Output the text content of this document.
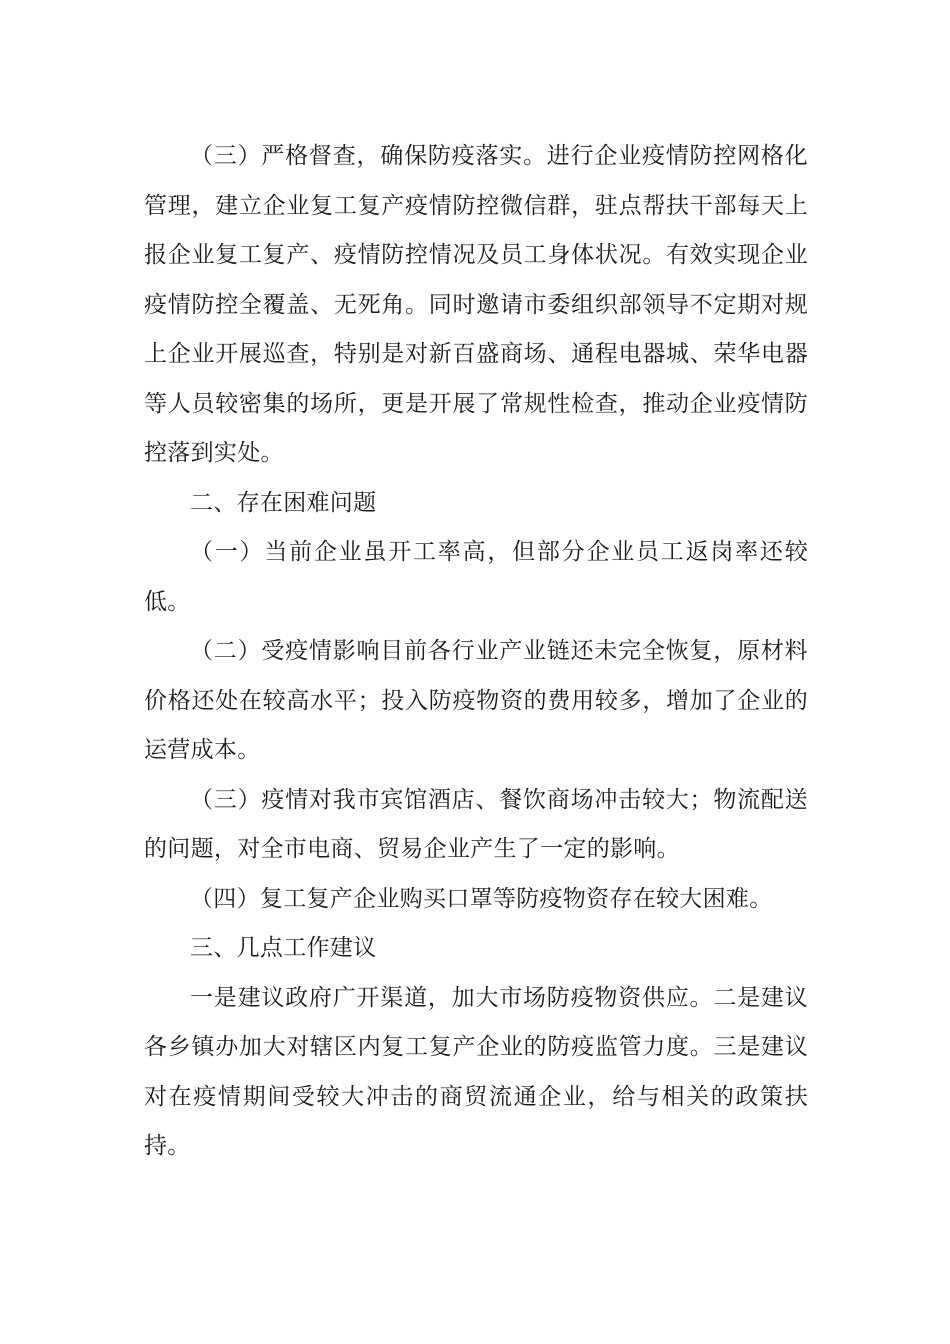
（三）严格督查，确保防疫落实。进行企业疫情防控网格化管理，建立企业复工复产疫情防控微信群，驻点帮扶干部每天上报企业复工复产、疫情防控情况及员工身体状况。有效实现企业疫情防控全覆盖、无死角。同时邀请市委组织部领导不定期对规上企业开展巡查，特别是对新百盛商场、通程电器城、荣华电器等人员较密集的场所，更是开展了常规性检查，推动企业疫情防控落到实处。

二、存在困难问题

（一）当前企业虽开工率高，但部分企业员工返岗率还较低。

（二）受疫情影响目前各行业产业链还未完全恢复，原材料价格还处在较高水平；投入防疫物资的费用较多，增加了企业的运营成本。

（三）疫情对我市宾馆酒店、餐饮商场冲击较大；物流配送的问题，对全市电商、贸易企业产生了一定的影响。

（四）复工复产企业购买口罩等防疫物资存在较大困难。

三、几点工作建议

一是建议政府广开渠道，加大市场防疫物资供应。二是建议各乡镇办加大对辖区内复工复产企业的防疫监管力度。三是建议对在疫情期间受较大冲击的商贸流通企业，给与相关的政策扶持。
